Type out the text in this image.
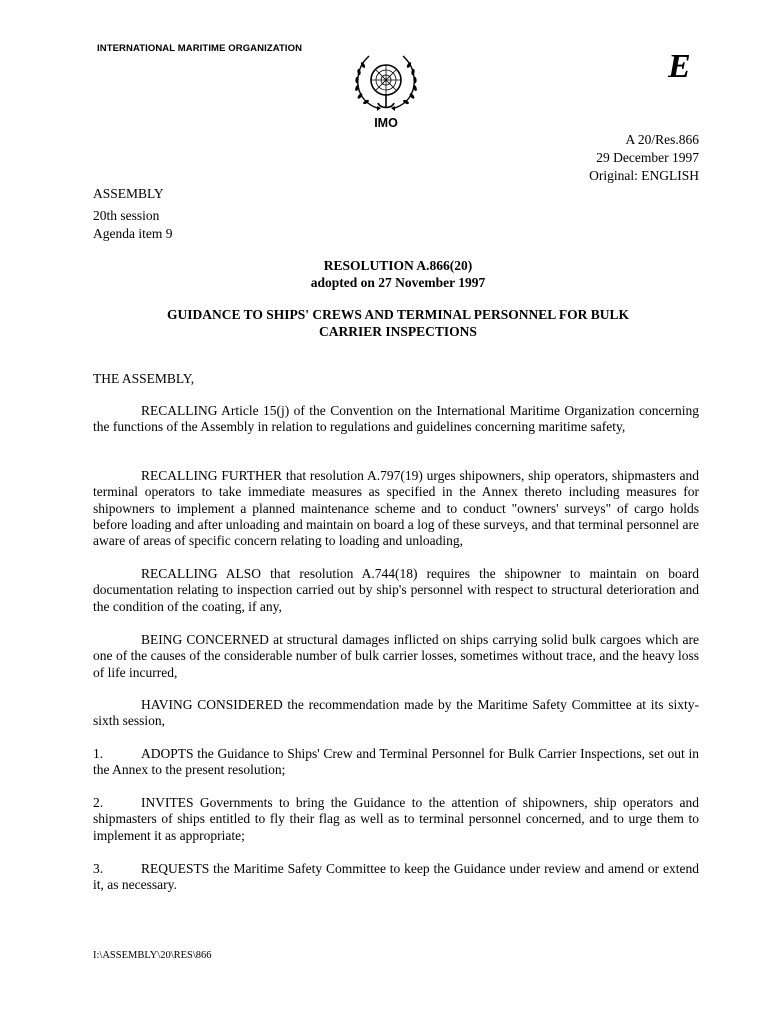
INTERNATIONAL MARITIME ORGANIZATION
IMO
E
A 20/Res.866
29 December 1997
Original: ENGLISH
ASSEMBLY
20th session
Agenda item 9
RESOLUTION A.866(20)
adopted on 27 November 1997
GUIDANCE TO SHIPS' CREWS AND TERMINAL PERSONNEL FOR BULK
CARRIER INSPECTIONS
THE ASSEMBLY,
RECALLING Article 15(j) of the Convention on the International Maritime Organization concerning the functions of the Assembly in relation to regulations and guidelines concerning maritime safety,
RECALLING FURTHER that resolution A.797(19) urges shipowners, ship operators, shipmasters and terminal operators to take immediate measures as specified in the Annex thereto including measures for shipowners to implement a planned maintenance scheme and to conduct "owners' surveys" of cargo holds before loading and after unloading and maintain on board a log of these surveys, and that terminal personnel are aware of areas of specific concern relating to loading and unloading,
RECALLING ALSO that resolution A.744(18) requires the shipowner to maintain on board documentation relating to inspection carried out by ship's personnel with respect to structural deterioration and the condition of the coating, if any,
BEING CONCERNED at structural damages inflicted on ships carrying solid bulk cargoes which are one of the causes of the considerable number of bulk carrier losses, sometimes without trace, and the heavy loss of life incurred,
HAVING CONSIDERED the recommendation made by the Maritime Safety Committee at its sixty-sixth session,
1.	ADOPTS the Guidance to Ships' Crew and Terminal Personnel for Bulk Carrier Inspections, set out in the Annex to the present resolution;
2.	INVITES Governments to bring the Guidance to the attention of shipowners, ship operators and shipmasters of ships entitled to fly their flag as well as to terminal personnel concerned, and to urge them to implement it as appropriate;
3.	REQUESTS the Maritime Safety Committee to keep the Guidance under review and amend or extend it, as necessary.
I:\ASSEMBLY\20\RES\866
